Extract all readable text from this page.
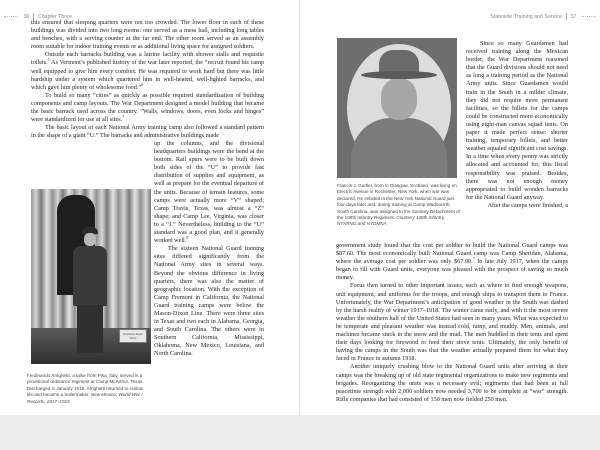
36 Chapter Three

this ensured that sleeping quarters were not too crowded. The lower floor in each of these buildings was divided into two long rooms: one served as a mess hall, including long tables and benches, with a serving counter at the far end. The other room served as an assembly room suitable for indoor training events or as additional living space for assigned soldiers.

Outside each barracks building was a latrine facility with shower stalls and requisite toilets.$^5$ As Vermont’s published history of the war later reported, the “recruit found his camp well equipped to give him every comfort. He was required to work hard but there was little hardship under a system which quartered him in well-heated, well-lighted barracks, and which gave him plenty of wholesome food.”$^6$

To build so many “cities” as quickly as possible required standardization of building components and camp layouts. The War Department designed a model building that became the basic barrack used across the country. “Walls, windows, doors, even locks and hinges” were standardized for use at all sites.$^7$

The basic layout of each National Army training camp also followed a standard pattern in the shape of a giant “U.” The barracks and administrative buildings made

Ordnance Dept. Tents

up the columns, and the divisional headquarters buildings were the bend at the bottom. Rail spurs were to be built down both sides of the “U” to provide fast distribution of supplies and equipment, as well as prepare for the eventual departure of the units. Because of terrain features, some camps were actually more “V” shaped; Camp Travis, Texas, was almost a “Z” shape; and Camp Lee, Virginia, was closer to a “J.” Nevertheless, building to the “U” standard was a good plan, and it generally worked well.$^8$

The sixteen National Guard training sites differed significantly from the National Army sites in several ways. Beyond the obvious difference in living quarters, there was also the matter of geographic location. With the exception of Camp Fremont in California, the National Guard training camps were below the Mason-Dixon Line. There were three sites in Texas and two each in Alabama, Georgia, and South Carolina. The others were in Southern California, Mississippi, Oklahoma, New Mexico, Louisiana, and North Carolina.

Ferdinando Arrighetti, a tailor from Pisa, Italy, served in a provisional ordinance regiment at Camp McArthur, Texas. Discharged in January 1919, Arrighetti returned to civilian life and became a boilermaker. New Mexico, World War I Records, 1917–1919
Stateside Training and Service 37
Francis J. Gurtler, born in Glasgow, Scotland, was living on Electric Avenue in Rochester, New York, when war was declared. He enlisted in the New York National Guard just four days later and, during training at Camp Wadsworth, South Carolina, was assigned to the Sanitary Detachment of the 108th Infantry Regiment. Courtesy 108th Infantry, NYARNG and NYDMNA

Since so many Guardsmen had received training along the Mexican border, the War Department reasoned that the Guard divisions should not need as long a training period as the National Army units. Since Guardsmen would train in the South in a milder climate, they did not require more permanent facilities, so the billets for the camps could be constructed more economically using eight-man canvas squad tents. On paper it made perfect sense: shorter training, temporary billets, and better weather equaled significant cost savings. In a time when every penny was strictly allocated and accounted for, this fiscal responsibility was praised. Besides, there was not enough money appropriated to build wooden barracks for the National Guard anyway.

After the camps were finished, a

government study found that the cost per soldier to build the National Guard camps was $87.60. The most economically built National Guard camp was Camp Sheridan, Alabama, where the average cost per soldier was only $67.90.$^7$ In late July 1917, when the camps began to fill with Guard units, everyone was pleased with the prospect of saving so much money.

Focus then turned to other important issues, such as where to find enough weapons, unit equipment, and uniforms for the troops, and enough ships to transport them to France. Unfortunately, the War Department’s anticipation of good weather in the South was dashed by the harsh reality of winter 1917–1918. The winter came early, and with it the most severe weather the southern half of the United States had seen in many years. What was expected to be temperate and pleasant weather was instead cold, rainy, and muddy. Men, animals, and machines became stuck in the snow and the mud. The men huddled in their tents and spent their days looking for firewood to feed their stove tents. Ultimately, the only benefit of having the camps in the South was that the weather actually prepared them for what they faced in France in autumn 1918.

Another uniquely crushing blow to the National Guard units after arriving at their camps was the breaking up of old state regimental organizations to make new regiments and brigades. Reorganizing the units was a necessary evil; regiments that had been at full peacetime strength with 2,000 soldiers now needed 3,700 to be complete at “war” strength. Rifle companies that had consisted of 150 men now fielded 250 men.
